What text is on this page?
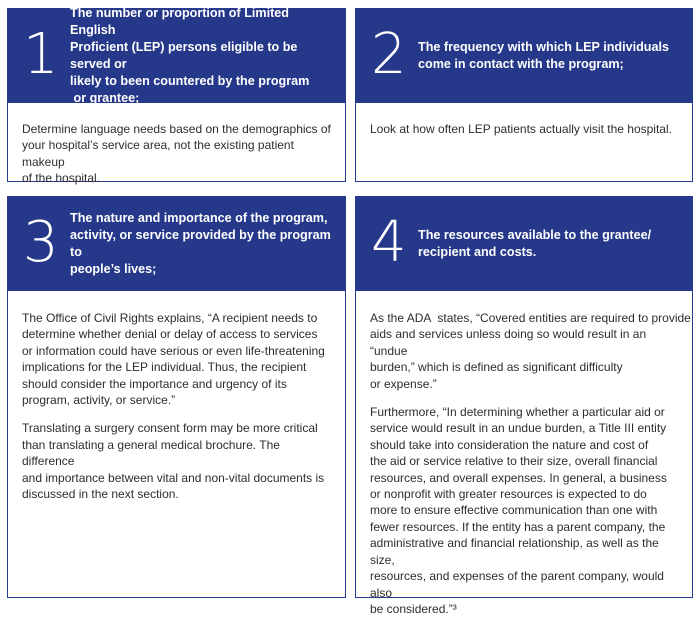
1
The number or proportion of Limited English
Proficient (LEP) persons eligible to be served or
likely to been countered by the program
or grantee;

Determine language needs based on the demographics of
your hospital’s service area, not the existing patient makeup
of the hospital.

2 The frequency with which LEP individuals
come in contact with the program;

Look at how often LEP patients actually visit the hospital.

3 The nature and importance of the program,
activity, or service provided by the program to
people’s lives;

The Office of Civil Rights explains, “A recipient needs to
determine whether denial or delay of access to services
or information could have serious or even life-threatening
implications for the LEP individual. Thus, the recipient
should consider the importance and urgency of its
program, activity, or service.”

Translating a surgery consent form may be more critical
than translating a general medical brochure. The difference
and importance between vital and non-vital documents is
discussed in the next section.

4 The resources available to the grantee/
recipient and costs.

As the ADA  states, “Covered entities are required to provide
aids and services unless doing so would result in an “undue
burden,” which is defined as significant difficulty
or expense.”

Furthermore, “In determining whether a particular aid or
service would result in an undue burden, a Title III entity
should take into consideration the nature and cost of
the aid or service relative to their size, overall financial
resources, and overall expenses. In general, a business
or nonprofit with greater resources is expected to do
more to ensure effective communication than one with
fewer resources. If the entity has a parent company, the
administrative and financial relationship, as well as the size,
resources, and expenses of the parent company, would also
be considered.”³
